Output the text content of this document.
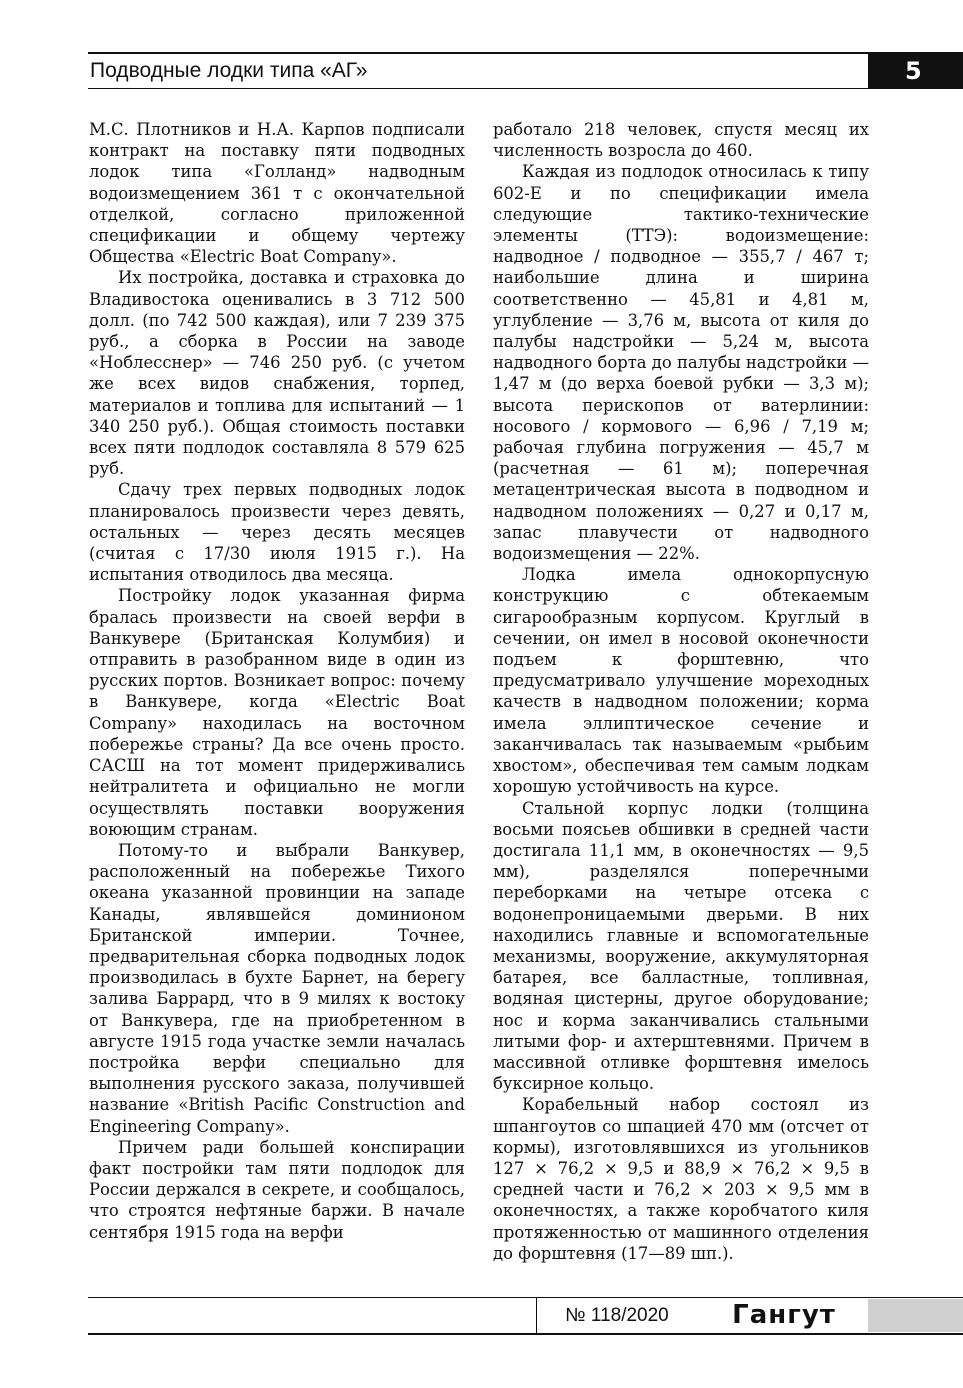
Подводные лодки типа «АГ»	5

М.С. Плотников и Н.А. Карпов подписали контракт на поставку пяти подводных лодок типа «Голланд» надводным водоизмещением 361 т с окончательной отделкой, согласно приложенной спецификации и общему чертежу Общества «Electric Boat Company».

Их постройка, доставка и страховка до Владивостока оценивались в 3 712 500 долл. (по 742 500 каждая), или 7 239 375 руб., а сборка в России на заводе «Ноблесснер» — 746 250 руб. (с учетом же всех видов снабжения, торпед, материалов и топлива для испытаний — 1 340 250 руб.). Общая стоимость поставки всех пяти подлодок составляла 8 579 625 руб.

Сдачу трех первых подводных лодок планировалось произвести через девять, остальных — через десять месяцев (считая с 17/30 июля 1915 г.). На испытания отводилось два месяца.

Постройку лодок указанная фирма бралась произвести на своей верфи в Ванкувере (Британская Колумбия) и отправить в разобранном виде в один из русских портов. Возникает вопрос: почему в Ванкувере, когда «Electric Boat Company» находилась на восточном побережье страны? Да все очень просто. САСШ на тот момент придерживались нейтралитета и официально не могли осуществлять поставки вооружения воюющим странам.

Потому-то и выбрали Ванкувер, расположенный на побережье Тихого океана указанной провинции на западе Канады, являвшейся доминионом Британской империи. Точнее, предварительная сборка подводных лодок производилась в бухте Барнет, на берегу залива Баррард, что в 9 милях к востоку от Ванкувера, где на приобретенном в августе 1915 года участке земли началась постройка верфи специально для выполнения русского заказа, получившей название «British Pacific Construction and Engineering Company».

Причем ради большей конспирации факт постройки там пяти подлодок для России держался в секрете, и сообщалось, что строятся нефтяные баржи. В начале сентября 1915 года на верфи

работало 218 человек, спустя месяц их численность возросла до 460.

Каждая из подлодок относилась к типу 602-Е и по спецификации имела следующие тактико-технические элементы (ТТЭ): водоизмещение: надводное / подводное — 355,7 / 467 т; наибольшие длина и ширина соответственно — 45,81 и 4,81 м, углубление — 3,76 м, высота от киля до палубы надстройки — 5,24 м, высота надводного борта до палубы надстройки — 1,47 м (до верха боевой рубки — 3,3 м); высота перископов от ватерлинии: носового / кормового — 6,96 / 7,19 м; рабочая глубина погружения — 45,7 м (расчетная — 61 м); поперечная метацентрическая высота в подводном и надводном положениях — 0,27 и 0,17 м, запас плавучести от надводного водоизмещения — 22%.

Лодка имела однокорпусную конструкцию с обтекаемым сигарообразным корпусом. Круглый в сечении, он имел в носовой оконечности подъем к форштевню, что предусматривало улучшение мореходных качеств в надводном положении; корма имела эллиптическое сечение и заканчивалась так называемым «рыбьим хвостом», обеспечивая тем самым лодкам хорошую устойчивость на курсе.

Стальной корпус лодки (толщина восьми поясьев обшивки в средней части достигала 11,1 мм, в оконечностях — 9,5 мм), разделялся поперечными переборками на четыре отсека с водонепроницаемыми дверьми. В них находились главные и вспомогательные механизмы, вооружение, аккумуляторная батарея, все балластные, топливная, водяная цистерны, другое оборудование; нос и корма заканчивались стальными литыми фор- и ахтерштевнями. Причем в массивной отливке форштевня имелось буксирное кольцо.

Корабельный набор состоял из шпангоутов со шпацией 470 мм (отсчет от кормы), изготовлявшихся из угольников 127 × 76,2 × 9,5 и 88,9 × 76,2 × 9,5 в средней части и 76,2 × 203 × 9,5 мм в оконечностях, а также коробчатого киля протяженностью от машинного отделения до форштевня (17—89 шп.).

№ 118/2020	Гангут
